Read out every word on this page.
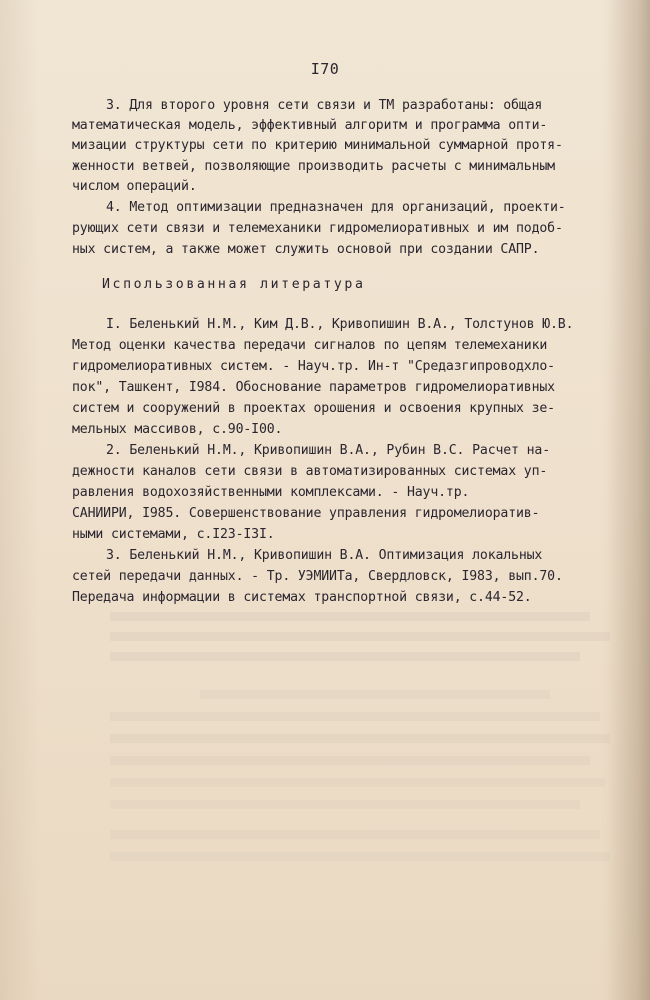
I70
3. Для второго уровня сети связи и ТМ разработаны: общая
математическая модель, эффективный алгоритм и программа опти-
мизации структуры сети по критерию минимальной суммарной протя-
женности ветвей, позволяющие производить расчеты с минимальным
числом операций.
4. Метод оптимизации предназначен для организаций, проекти-
рующих сети связи и телемеханики гидромелиоративных и им подоб-
ных систем, а также может служить основой при создании САПР.
Использованная литература
I. Беленький Н.М., Ким Д.В., Кривопишин В.А., Толстунов Ю.В.
Метод оценки качества передачи сигналов по цепям телемеханики
гидромелиоративных систем. - Науч.тр. Ин-т "Средазгипроводхло-
пок", Ташкент, I984. Обоснование параметров гидромелиоративных
систем и сооружений в проектах орошения и освоения крупных зе-
мельных массивов, с.90-I00.
2. Беленький Н.М., Кривопишин В.А., Рубин В.С. Расчет на-
дежности каналов сети связи в автоматизированных системах уп-
равления водохозяйственными комплексами. - Науч.тр.
САНИИРИ, I985. Совершенствование управления гидромелиоратив-
ными системами, с.I23-I3I.
3. Беленький Н.М., Кривопишин В.А. Оптимизация локальных
сетей передачи данных. - Тр. УЭМИИТа, Свердловск, I983, вып.70.
Передача информации в системах транспортной связи, с.44-52.
